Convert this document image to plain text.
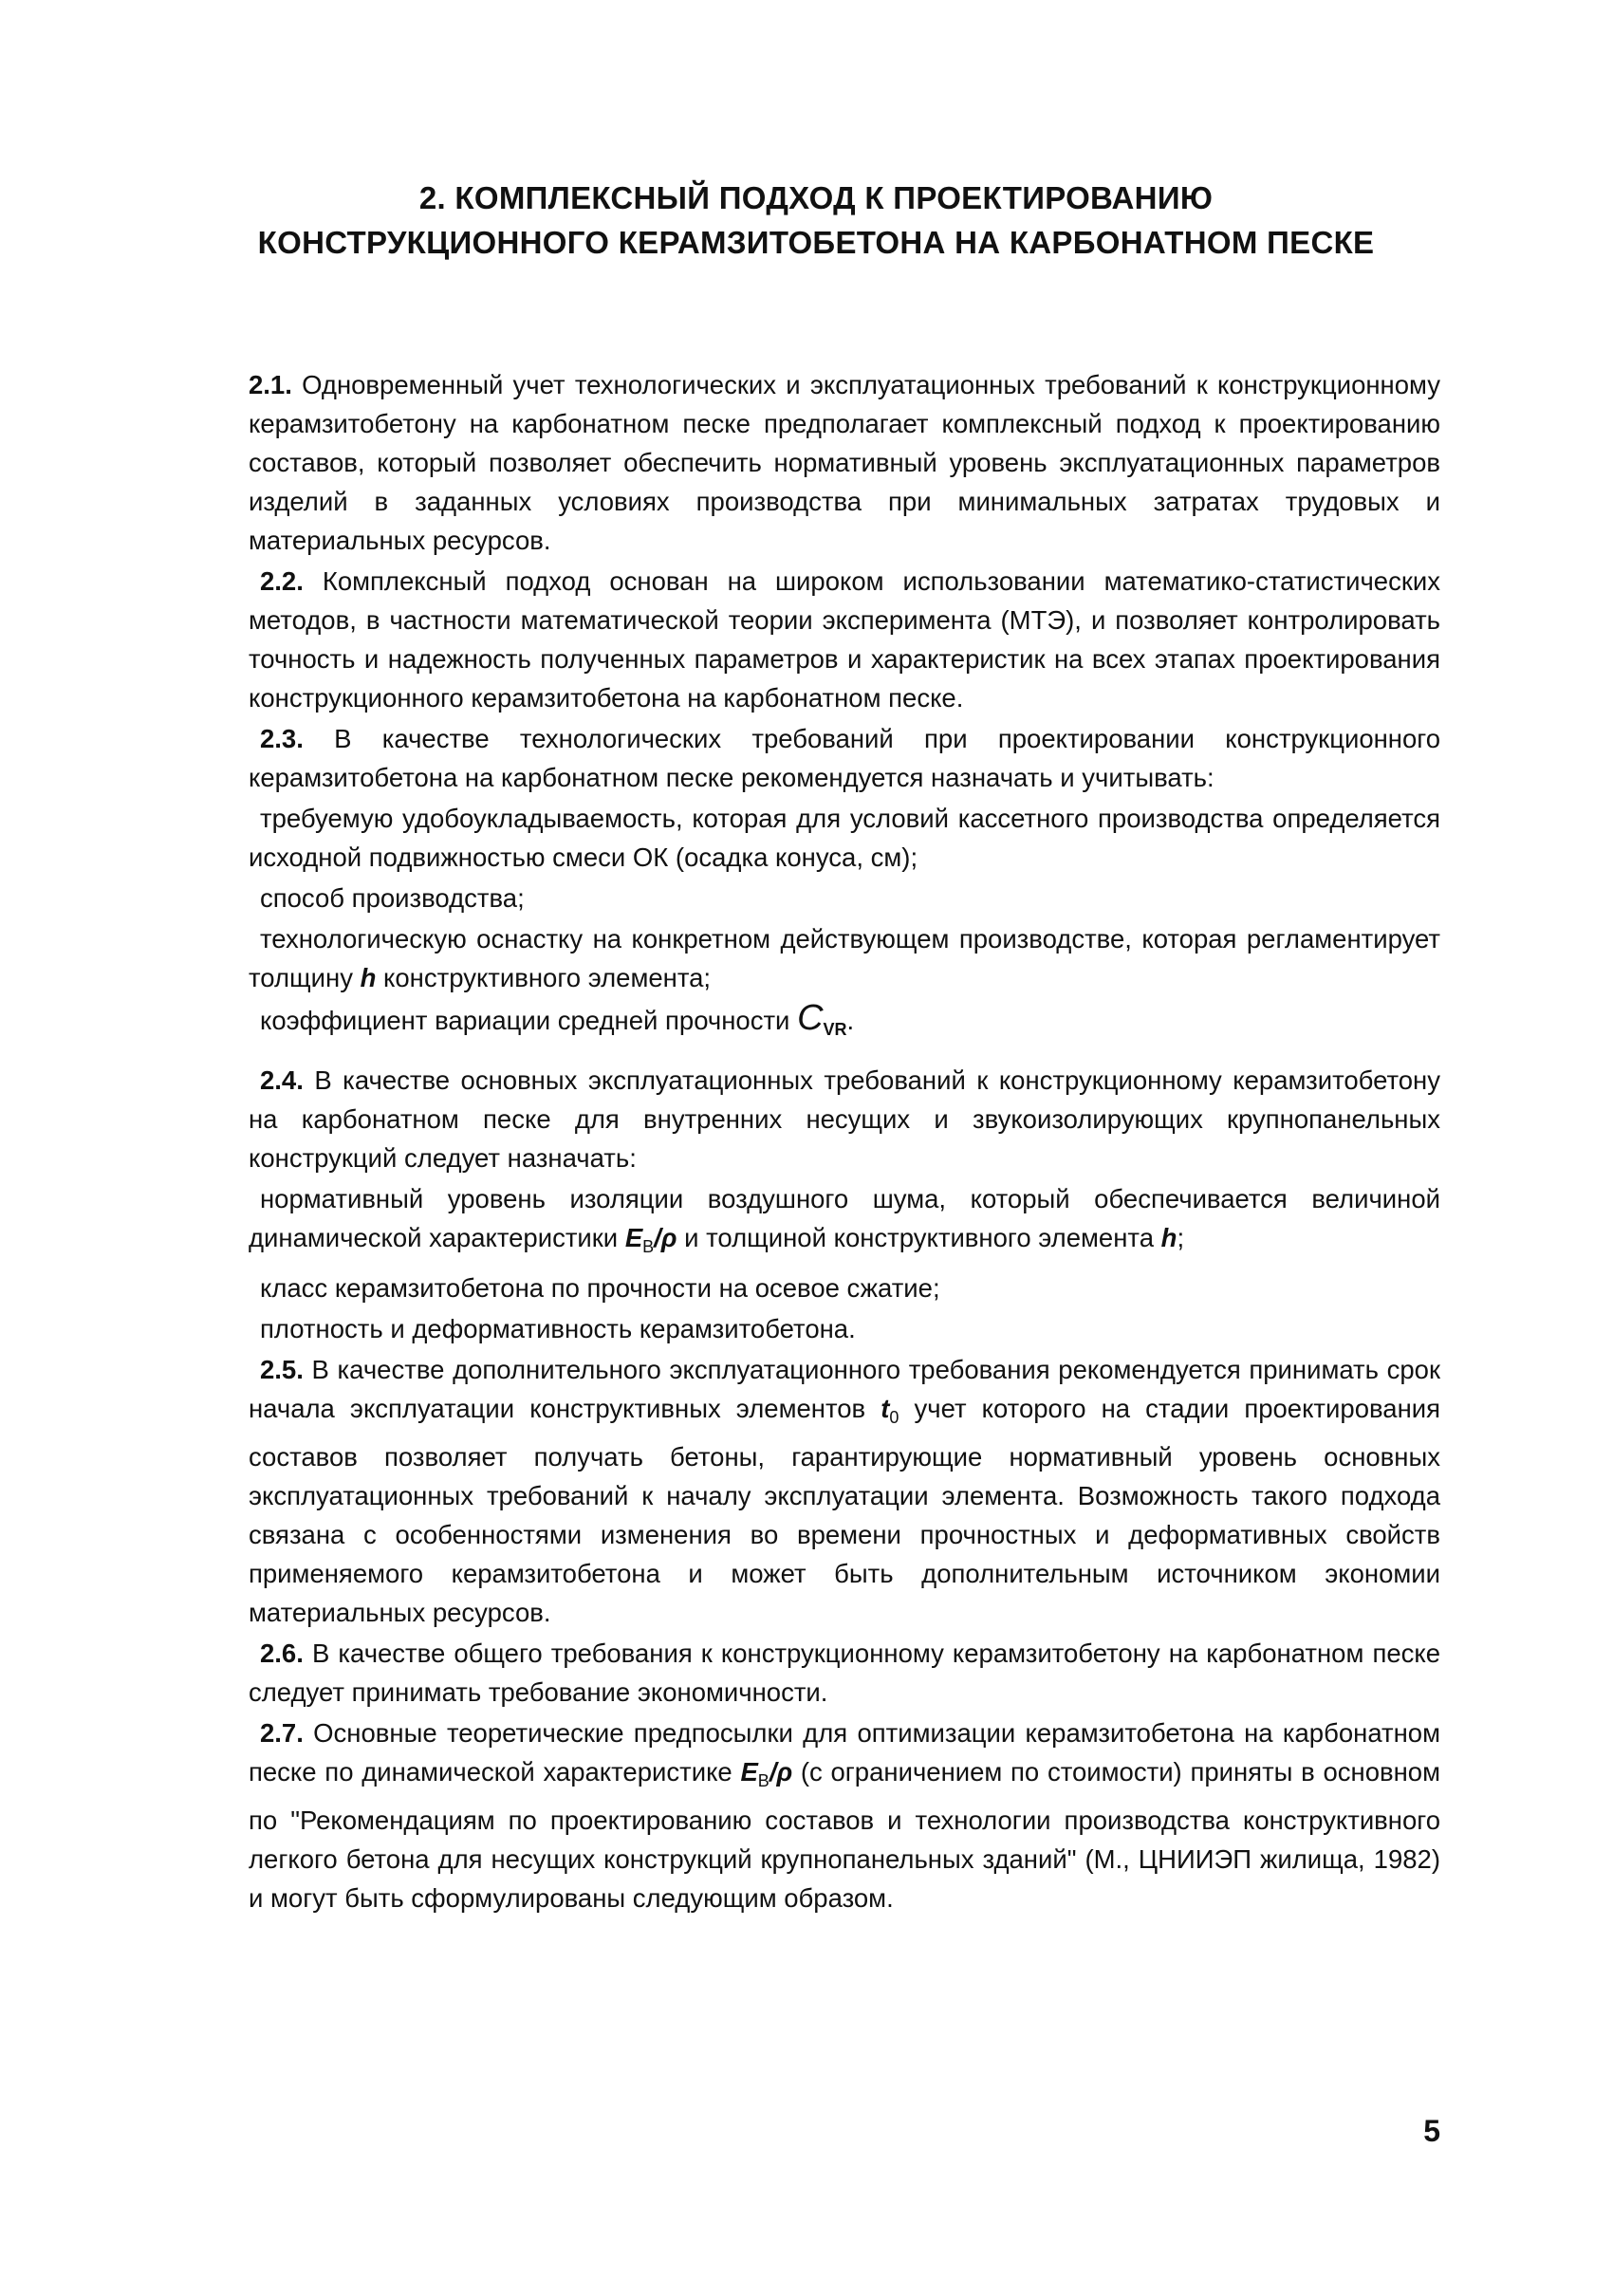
2. КОМПЛЕКСНЫЙ ПОДХОД К ПРОЕКТИРОВАНИЮ
КОНСТРУКЦИОННОГО КЕРАМЗИТОБЕТОНА НА КАРБОНАТНОМ ПЕСКЕ

2.1. Одновременный учет технологических и эксплуатационных требований к конструкционному керамзитобетону на карбонатном песке предполагает комплексный подход к проектированию составов, который позволяет обеспечить нормативный уровень эксплуатационных параметров изделий в заданных условиях производства при минимальных затратах трудовых и материальных ресурсов.

2.2. Комплексный подход основан на широком использовании математико-статистических методов, в частности математической теории эксперимента (МТЭ), и позволяет контролировать точность и надежность полученных параметров и характеристик на всех этапах проектирования конструкционного керамзитобетона на карбонатном песке.

2.3. В качестве технологических требований при проектировании конструкционного керамзитобетона на карбонатном песке рекомендуется назначать и учитывать:

требуемую удобоукладываемость, которая для условий кассетного производства определяется исходной подвижностью смеси ОК (осадка конуса, см);

способ производства;

технологическую оснастку на конкретном действующем производстве, которая регламентирует толщину h конструктивного элемента;

коэффициент вариации средней прочности $C_{VR}$.

2.4. В качестве основных эксплуатационных требований к конструкционному керамзитобетону на карбонатном песке для внутренних несущих и звукоизолирующих крупнопанельных конструкций следует назначать:

нормативный уровень изоляции воздушного шума, который обеспечивается величиной динамической характеристики $E_В/\rho$ и толщиной конструктивного элемента h;

класс керамзитобетона по прочности на осевое сжатие;

плотность и деформативность керамзитобетона.

2.5. В качестве дополнительного эксплуатационного требования рекомендуется принимать срок начала эксплуатации конструктивных элементов $t_0$ учет которого на стадии проектирования составов позволяет получать бетоны, гарантирующие нормативный уровень основных эксплуатационных требований к началу эксплуатации элемента. Возможность такого подхода связана с особенностями изменения во времени прочностных и деформативных свойств применяемого керамзитобетона и может быть дополнительным источником экономии материальных ресурсов.

2.6. В качестве общего требования к конструкционному керамзитобетону на карбонатном песке следует принимать требование экономичности.

2.7. Основные теоретические предпосылки для оптимизации керамзитобетона на карбонатном песке по динамической характеристике $E_В/\rho$ (с ограничением по стоимости) приняты в основном по "Рекомендациям по проектированию составов и технологии производства конструктивного легкого бетона для несущих конструкций крупнопанельных зданий" (М., ЦНИИЭП жилища, 1982) и могут быть сформулированы следующим образом.

5
